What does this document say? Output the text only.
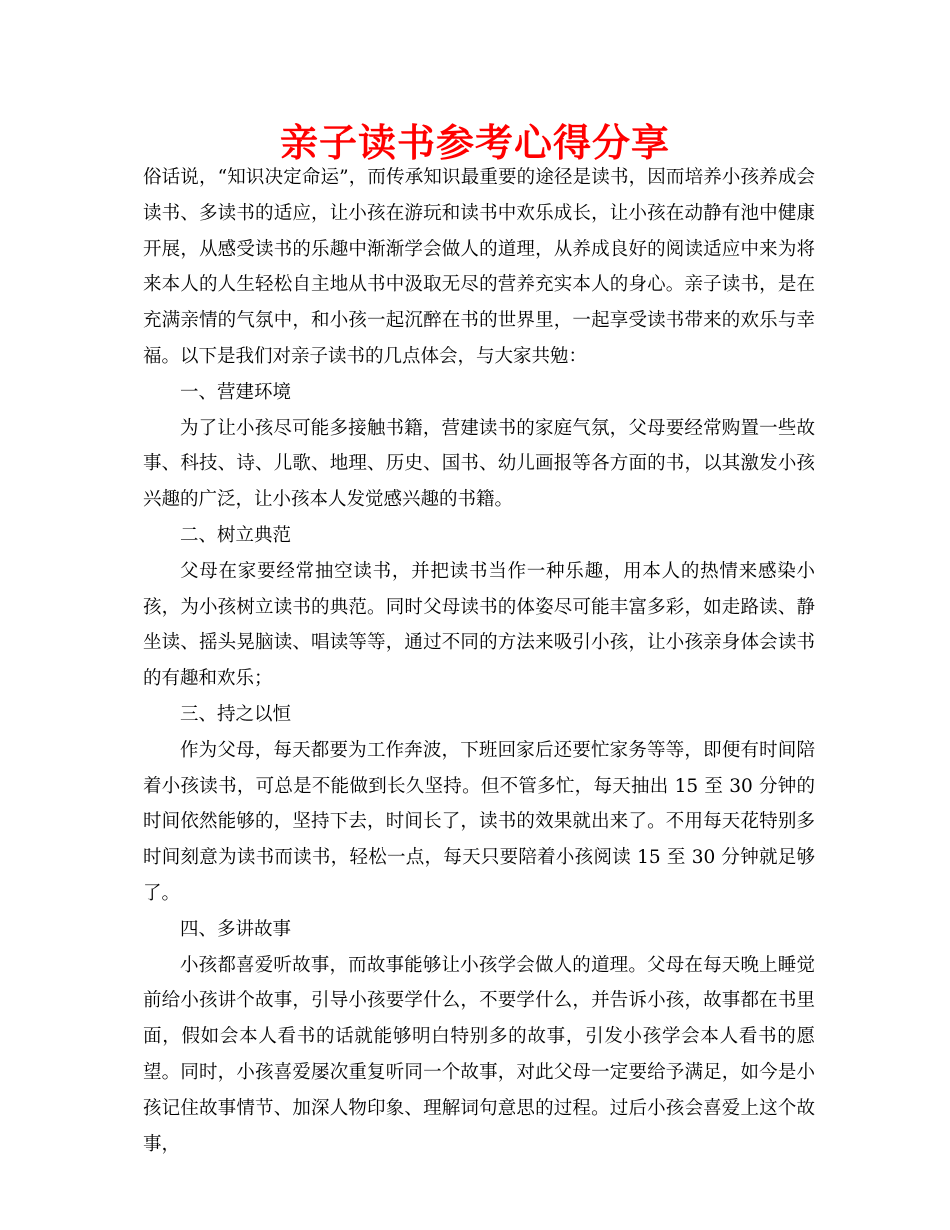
亲子读书参考心得分享

俗话说，“知识决定命运”，而传承知识最重要的途径是读书，因而培养小孩养成会读书、多读书的适应，让小孩在游玩和读书中欢乐成长，让小孩在动静有池中健康开展，从感受读书的乐趣中渐渐学会做人的道理，从养成良好的阅读适应中来为将来本人的人生轻松自主地从书中汲取无尽的营养充实本人的身心。亲子读书，是在充满亲情的气氛中，和小孩一起沉醉在书的世界里，一起享受读书带来的欢乐与幸福。以下是我们对亲子读书的几点体会，与大家共勉：

一、营建环境

为了让小孩尽可能多接触书籍，营建读书的家庭气氛，父母要经常购置一些故事、科技、诗、儿歌、地理、历史、国书、幼儿画报等各方面的书，以其激发小孩兴趣的广泛，让小孩本人发觉感兴趣的书籍。

二、树立典范

父母在家要经常抽空读书，并把读书当作一种乐趣，用本人的热情来感染小孩，为小孩树立读书的典范。同时父母读书的体姿尽可能丰富多彩，如走路读、静坐读、摇头晃脑读、唱读等等，通过不同的方法来吸引小孩，让小孩亲身体会读书的有趣和欢乐；

三、持之以恒

作为父母，每天都要为工作奔波，下班回家后还要忙家务等等，即便有时间陪着小孩读书，可总是不能做到长久坚持。但不管多忙，每天抽出 15 至 30 分钟的时间依然能够的，坚持下去，时间长了，读书的效果就出来了。不用每天花特别多时间刻意为读书而读书，轻松一点，每天只要陪着小孩阅读 15 至 30 分钟就足够了。

四、多讲故事

小孩都喜爱听故事，而故事能够让小孩学会做人的道理。父母在每天晚上睡觉前给小孩讲个故事，引导小孩要学什么，不要学什么，并告诉小孩，故事都在书里面，假如会本人看书的话就能够明白特别多的故事，引发小孩学会本人看书的愿望。同时，小孩喜爱屡次重复听同一个故事，对此父母一定要给予满足，如今是小孩记住故事情节、加深人物印象、理解词句意思的过程。过后小孩会喜爱上这个故事，
